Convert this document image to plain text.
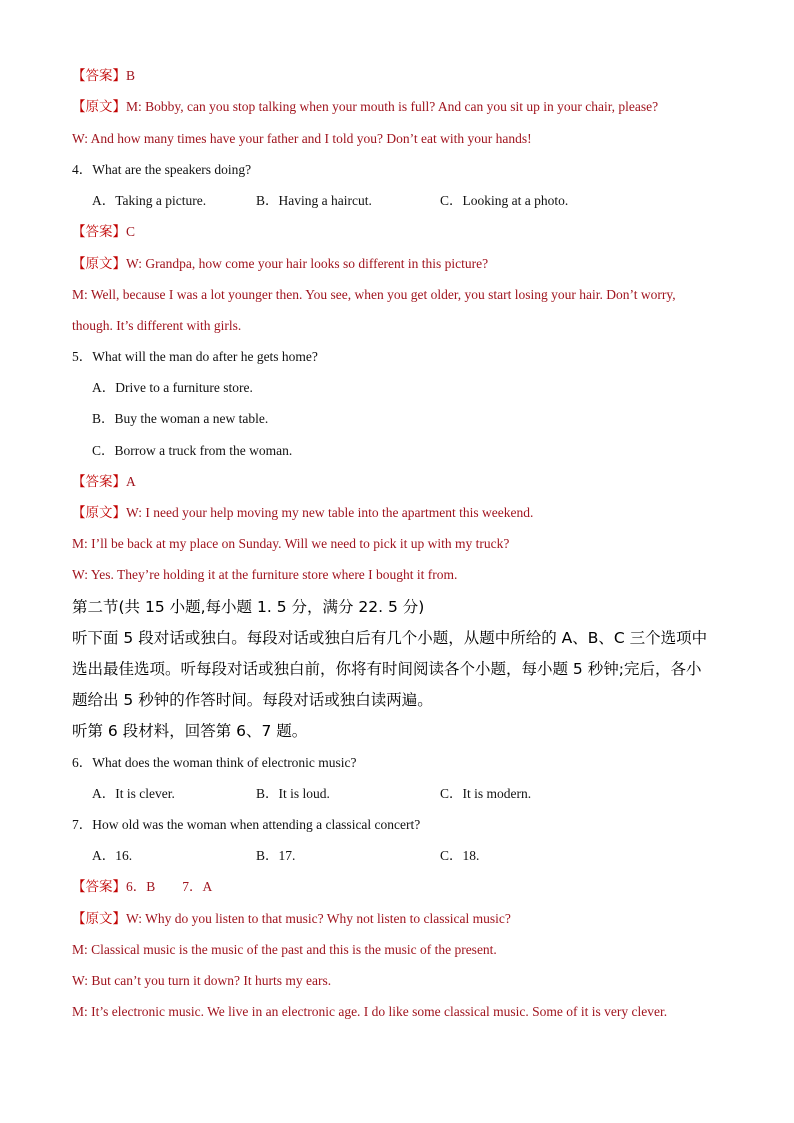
【答案】B
【原文】M: Bobby, can you stop talking when your mouth is full? And can you sit up in your chair, please?
W: And how many times have your father and I told you? Don’t eat with your hands!
4．What are the speakers doing?
A．Taking a picture.	B．Having a haircut.	C．Looking at a photo.
【答案】C
【原文】W: Grandpa, how come your hair looks so different in this picture?
M: Well, because I was a lot younger then. You see, when you get older, you start losing your hair. Don’t worry,
though. It’s different with girls.
5．What will the man do after he gets home?
A．Drive to a furniture store.
B．Buy the woman a new table.
C．Borrow a truck from the woman.
【答案】A
【原文】W: I need your help moving my new table into the apartment this weekend.
M: I’ll be back at my place on Sunday. Will we need to pick it up with my truck?
W: Yes. They’re holding it at the furniture store where I bought it from.
第二节(共 15 小题,每小题 1. 5 分，满分 22. 5 分)
听下面 5 段对话或独白。每段对话或独白后有几个小题，从题中所给的 A、B、C 三个选项中
选出最佳选项。听每段对话或独白前，你将有时间阅读各个小题，每小题 5 秒钟;完后，各小
题给出 5 秒钟的作答时间。每段对话或独白读两遍。
听第 6 段材料，回答第 6、7 题。
6．What does the woman think of electronic music?
A．It is clever.	B．It is loud.	C．It is modern.
7．How old was the woman when attending a classical concert?
A．16.	B．17.	C．18.
【答案】6．B　　7．A
【原文】W: Why do you listen to that music? Why not listen to classical music?
M: Classical music is the music of the past and this is the music of the present.
W: But can’t you turn it down? It hurts my ears.
M: It’s electronic music. We live in an electronic age. I do like some classical music. Some of it is very clever.
